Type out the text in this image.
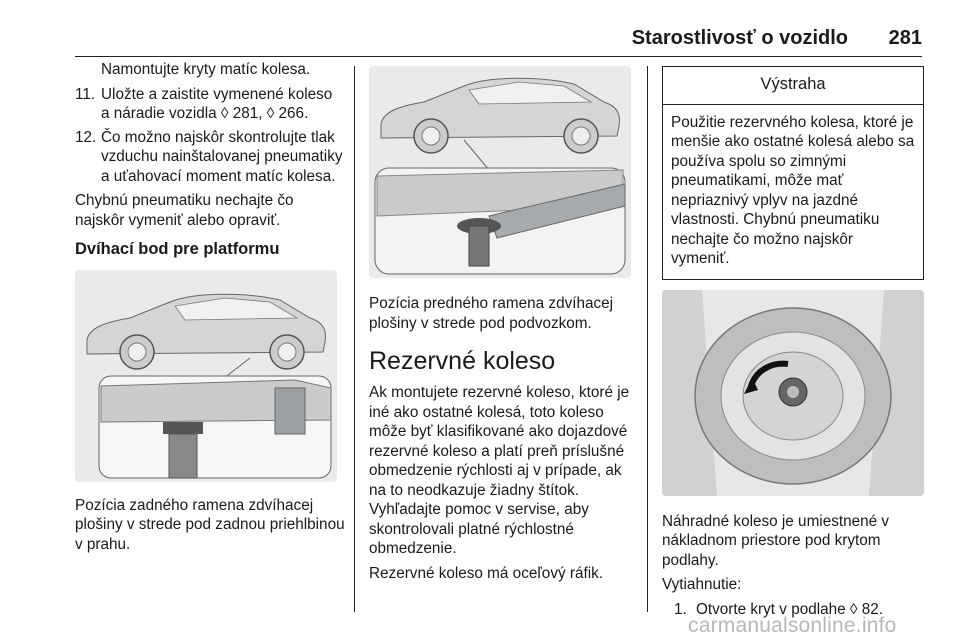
Starostlivosť o vozidlo 281

Namontujte kryty matíc kolesa.

11. Uložte a zaistite vymenené koleso a náradie vozidla ◊ 281, ◊ 266.
12. Čo možno najskôr skontrolujte tlak vzduchu nainštalovanej pneumatiky a uťahovací moment matíc kolesa.

Chybnú pneumatiku nechajte čo najskôr vymeniť alebo opraviť.

Dvíhací bod pre platformu

Pozícia zadného ramena zdvíhacej plošiny v strede pod zadnou priehlbinou v prahu.

Pozícia predného ramena zdvíhacej plošiny v strede pod podvozkom.

Rezervné koleso

Ak montujete rezervné koleso, ktoré je iné ako ostatné kolesá, toto koleso môže byť klasifikované ako dojazdové rezervné koleso a platí preň príslušné obmedzenie rýchlosti aj v prípade, ak na to neodkazuje žiadny štítok. Vyhľadajte pomoc v servise, aby skontrolovali platné rýchlostné obmedzenie.

Rezervné koleso má oceľový ráfik.

Výstraha
Použitie rezervného kolesa, ktoré je menšie ako ostatné kolesá alebo sa používa spolu so zimnými pneumatikami, môže mať nepriaznivý vplyv na jazdné vlastnosti. Chybnú pneumatiku nechajte čo možno najskôr vymeniť.

Náhradné koleso je umiestnené v nákladnom priestore pod krytom podlahy.

Vytiahnutie:

1. Otvorte kryt v podlahe ◊ 82.
carmanualsonline.info
